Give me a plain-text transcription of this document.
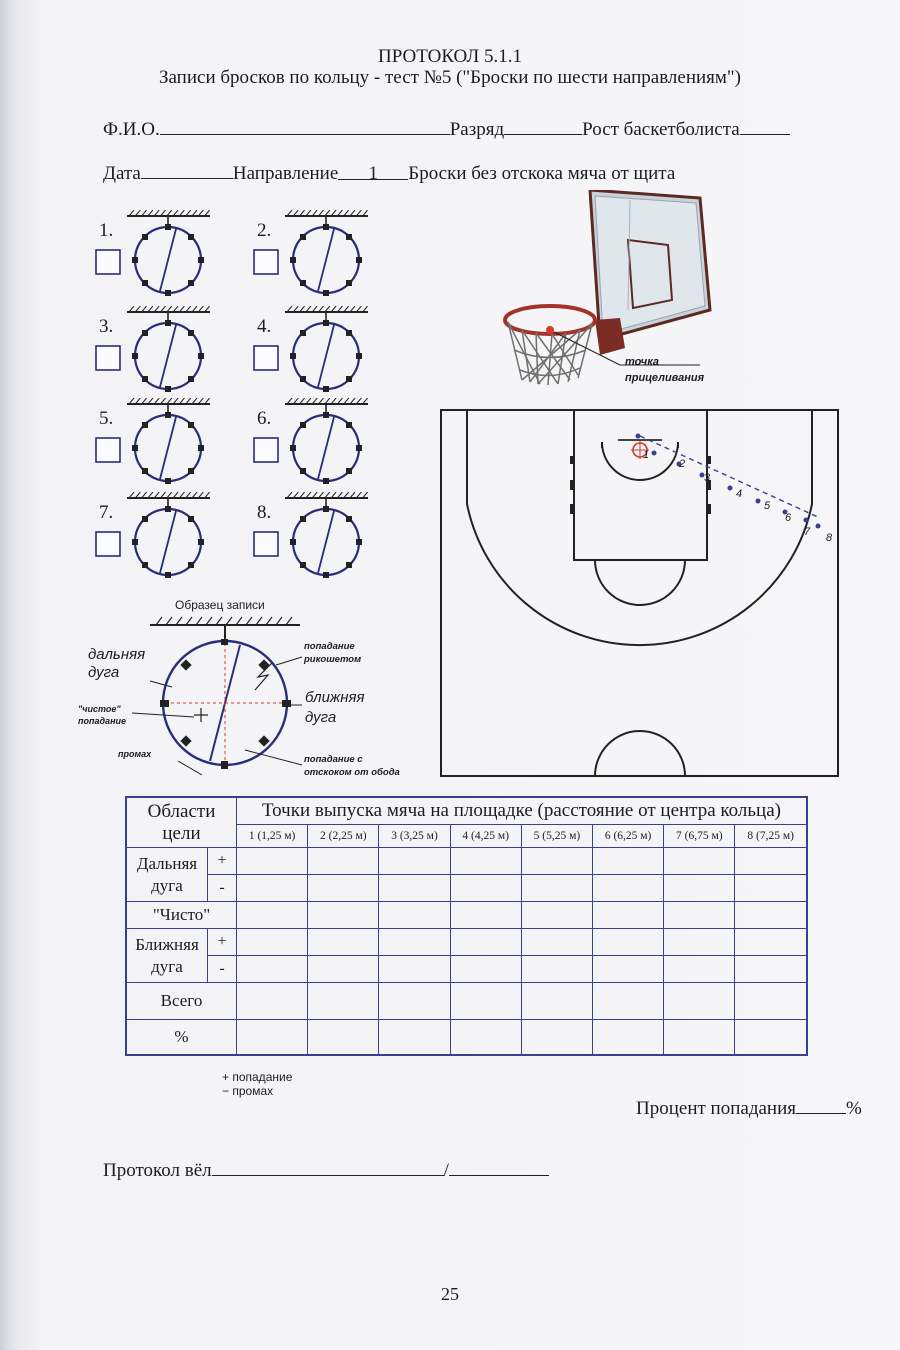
ПРОТОКОЛ 5.1.1
Записи бросков по кольцу - тест №5 ("Броски по шести направлениям")
Ф.И.О.	Разряд	Рост баскетболиста
Дата	Направление 1 Броски без отскока мяча от щита
1.	2.
3.	4.
5.	6.
7.	8.
точка
прицеливания
1
2
3
4
5
6
7 8
Образец записи
дальняя дуга
"чистое" попадание
промах
попадание рикошетом
ближняя дуга
попадание с отскоком от обода
Области цели		Точки выпуска мяча на площадке (расстояние от центра кольца)							
		1 (1,25 м)	2 (2,25 м)	3 (3,25 м)	4 (4,25 м)	5 (5,25 м)	6 (6,25 м)	7 (6,75 м)	8 (7,25 м)
Дальняя дуга	+								
	-								
"Чисто"									
Ближняя дуга	+								
	-								
Всего									
%									
+ попадание
− промах
Процент попадания	%
Протокол вёл	/
25
